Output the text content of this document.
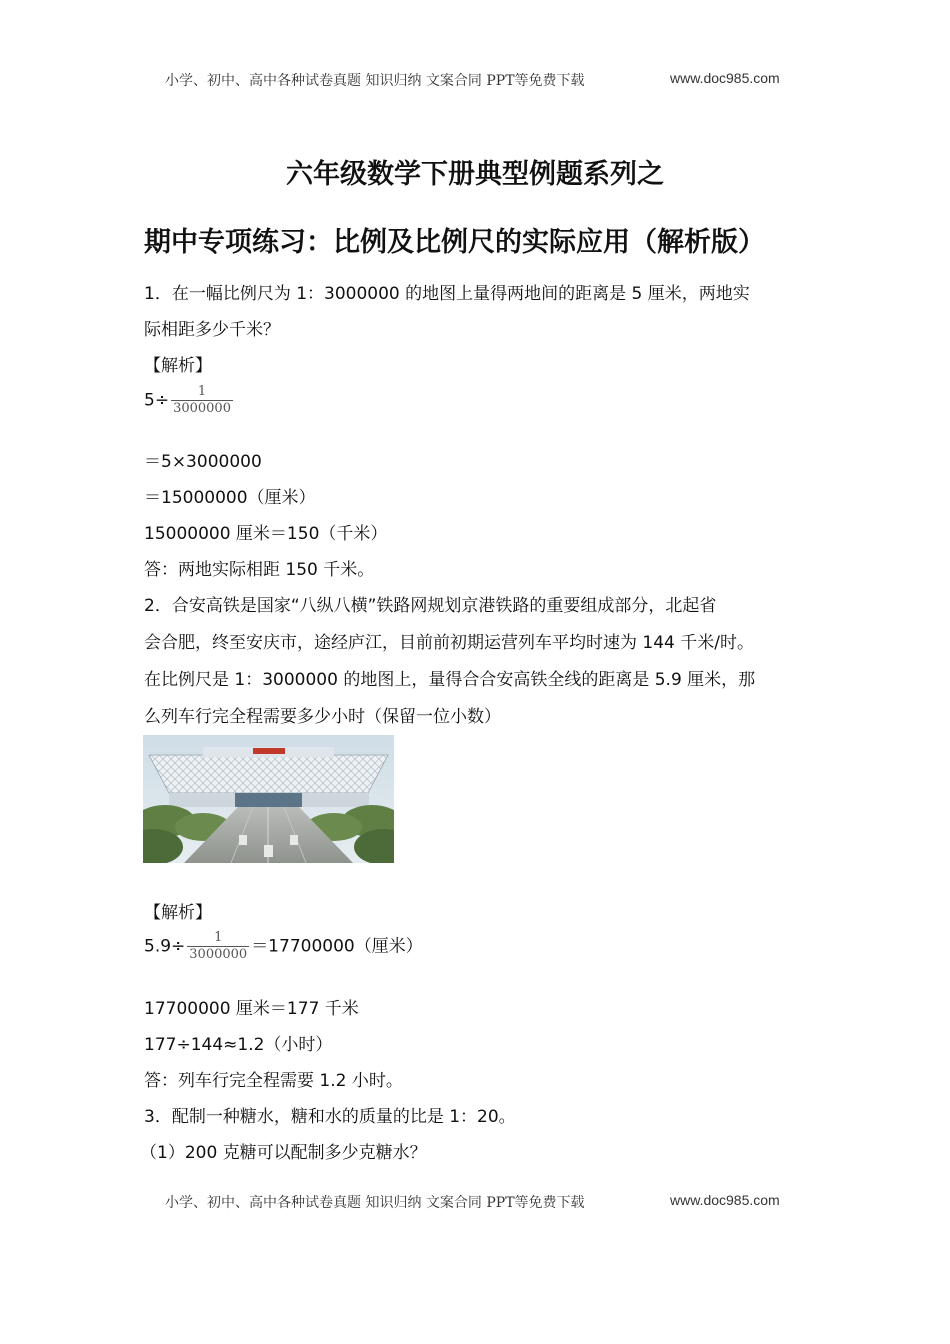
小学、初中、高中各种试卷真题 知识归纳 文案合同 PPT等免费下载	www.doc985.com
六年级数学下册典型例题系列之
期中专项练习：比例及比例尺的实际应用（解析版）
1．在一幅比例尺为 1：3000000 的地图上量得两地间的距离是 5 厘米，两地实
际相距多少千米？
【解析】
$5\div \frac{1}{3000000}$
＝5×3000000
＝15000000（厘米）
15000000 厘米＝150（千米）
答：两地实际相距 150 千米。
2．合安高铁是国家“八纵八横”铁路网规划京港铁路的重要组成部分，北起省
会合肥，终至安庆市，途经庐江，目前前初期运营列车平均时速为 144 千米/时。
在比例尺是 1：3000000 的地图上，量得合合安高铁全线的距离是 5.9 厘米，那
么列车行完全程需要多少小时（保留一位小数）
【解析】
$5.9\div \frac{1}{3000000} =17700000$（厘米）
17700000 厘米＝177 千米
177÷144≈1.2（小时）
答：列车行完全程需要 1.2 小时。
3．配制一种糖水，糖和水的质量的比是 1：20。
（1）200 克糖可以配制多少克糖水？
小学、初中、高中各种试卷真题 知识归纳 文案合同 PPT等免费下载	www.doc985.com
